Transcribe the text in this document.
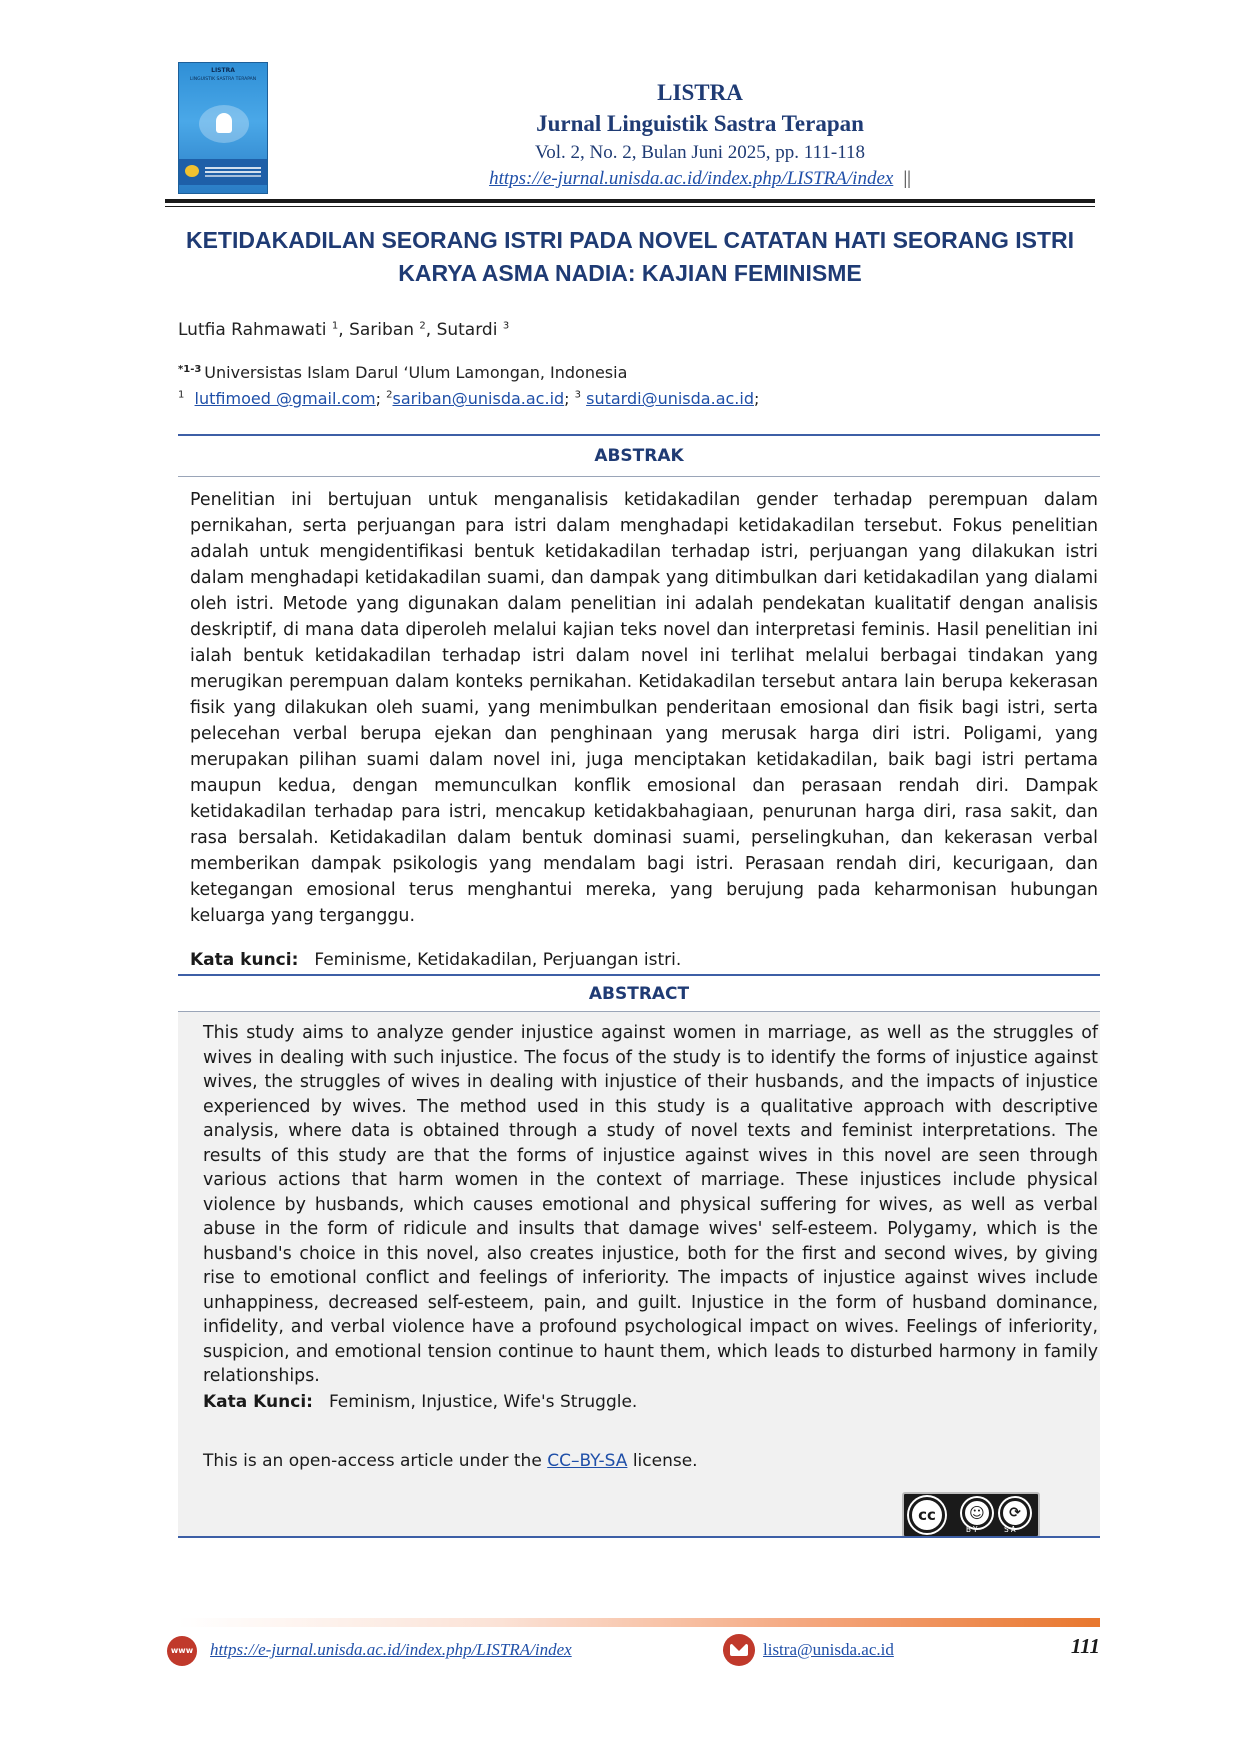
LISTRA
LINGUISTIK SASTRA TERAPAN
LISTRA
Jurnal Linguistik Sastra Terapan
Vol. 2, No. 2, Bulan Juni 2025, pp. 111-118
https://e-jurnal.unisda.ac.id/index.php/LISTRA/index ||
KETIDAKADILAN SEORANG ISTRI PADA NOVEL CATATAN HATI SEORANG ISTRI KARYA ASMA NADIA: KAJIAN FEMINISME
Lutfia Rahmawati $^1$, Sariban $^2$, Sutardi $^3$
$^{*1-3}$ Universistas Islam Darul ‘Ulum Lamongan, Indonesia
$^1$ lutfimoed @gmail.com; $^2$sariban@unisda.ac.id; $^3$ sutardi@unisda.ac.id;
ABSTRAK
Penelitian ini bertujuan untuk menganalisis ketidakadilan gender terhadap perempuan dalam pernikahan, serta perjuangan para istri dalam menghadapi ketidakadilan tersebut. Fokus penelitian adalah untuk mengidentifikasi bentuk ketidakadilan terhadap istri, perjuangan yang dilakukan istri dalam menghadapi ketidakadilan suami, dan dampak yang ditimbulkan dari ketidakadilan yang dialami oleh istri. Metode yang digunakan dalam penelitian ini adalah pendekatan kualitatif dengan analisis deskriptif, di mana data diperoleh melalui kajian teks novel dan interpretasi feminis. Hasil penelitian ini ialah bentuk ketidakadilan terhadap istri dalam novel ini terlihat melalui berbagai tindakan yang merugikan perempuan dalam konteks pernikahan. Ketidakadilan tersebut antara lain berupa kekerasan fisik yang dilakukan oleh suami, yang menimbulkan penderitaan emosional dan fisik bagi istri, serta pelecehan verbal berupa ejekan dan penghinaan yang merusak harga diri istri. Poligami, yang merupakan pilihan suami dalam novel ini, juga menciptakan ketidakadilan, baik bagi istri pertama maupun kedua, dengan memunculkan konflik emosional dan perasaan rendah diri. Dampak ketidakadilan terhadap para istri, mencakup ketidakbahagiaan, penurunan harga diri, rasa sakit, dan rasa bersalah. Ketidakadilan dalam bentuk dominasi suami, perselingkuhan, dan kekerasan verbal memberikan dampak psikologis yang mendalam bagi istri. Perasaan rendah diri, kecurigaan, dan ketegangan emosional terus menghantui mereka, yang berujung pada keharmonisan hubungan keluarga yang terganggu.
Kata kunci: Feminisme, Ketidakadilan, Perjuangan istri.
ABSTRACT
This study aims to analyze gender injustice against women in marriage, as well as the struggles of wives in dealing with such injustice. The focus of the study is to identify the forms of injustice against wives, the struggles of wives in dealing with injustice of their husbands, and the impacts of injustice experienced by wives. The method used in this study is a qualitative approach with descriptive analysis, where data is obtained through a study of novel texts and feminist interpretations. The results of this study are that the forms of injustice against wives in this novel are seen through various actions that harm women in the context of marriage. These injustices include physical violence by husbands, which causes emotional and physical suffering for wives, as well as verbal abuse in the form of ridicule and insults that damage wives' self-esteem. Polygamy, which is the husband's choice in this novel, also creates injustice, both for the first and second wives, by giving rise to emotional conflict and feelings of inferiority. The impacts of injustice against wives include unhappiness, decreased self-esteem, pain, and guilt. Injustice in the form of husband dominance, infidelity, and verbal violence have a profound psychological impact on wives. Feelings of inferiority, suspicion, and emotional tension continue to haunt them, which leads to disturbed harmony in family relationships.
Kata Kunci: Feminism, Injustice, Wife's Struggle.
This is an open-access article under the CC–BY-SA license.
cc	☺	⟳
BY	SA
www https://e-jurnal.unisda.ac.id/index.php/LISTRA/index	listra@unisda.ac.id	111
